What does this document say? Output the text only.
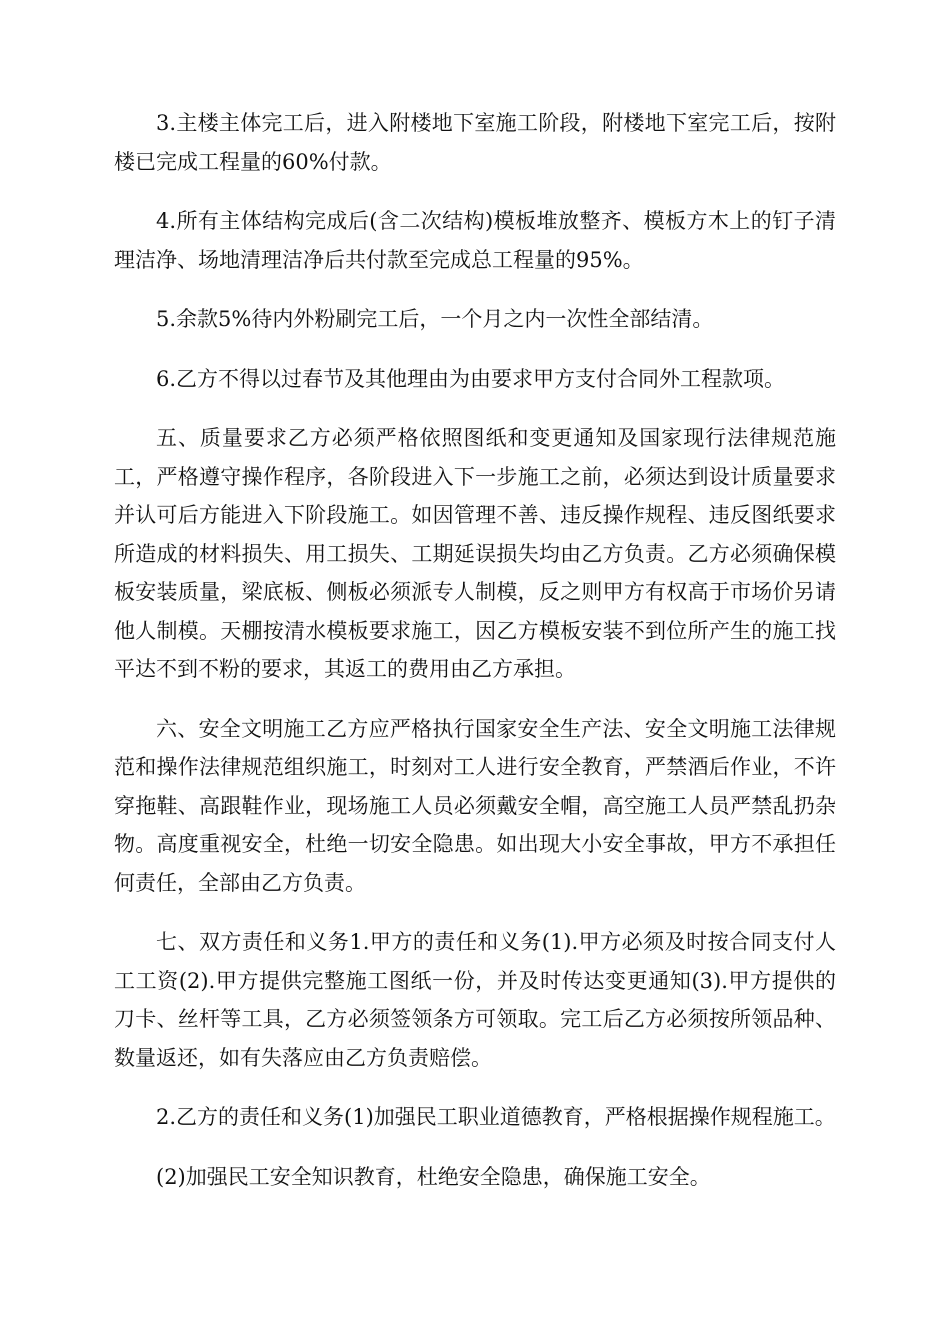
3.主楼主体完工后，进入附楼地下室施工阶段，附楼地下室完工后，按附楼已完成工程量的60%付款。

4.所有主体结构完成后(含二次结构)模板堆放整齐、模板方木上的钉子清理洁净、场地清理洁净后共付款至完成总工程量的95%。

5.余款5%待内外粉刷完工后，一个月之内一次性全部结清。

6.乙方不得以过春节及其他理由为由要求甲方支付合同外工程款项。

五、质量要求乙方必须严格依照图纸和变更通知及国家现行法律规范施工，严格遵守操作程序，各阶段进入下一步施工之前，必须达到设计质量要求并认可后方能进入下阶段施工。如因管理不善、违反操作规程、违反图纸要求所造成的材料损失、用工损失、工期延误损失均由乙方负责。乙方必须确保模板安装质量，梁底板、侧板必须派专人制模，反之则甲方有权高于市场价另请他人制模。天棚按清水模板要求施工，因乙方模板安装不到位所产生的施工找平达不到不粉的要求，其返工的费用由乙方承担。

六、安全文明施工乙方应严格执行国家安全生产法、安全文明施工法律规范和操作法律规范组织施工，时刻对工人进行安全教育，严禁酒后作业，不许穿拖鞋、高跟鞋作业，现场施工人员必须戴安全帽，高空施工人员严禁乱扔杂物。高度重视安全，杜绝一切安全隐患。如出现大小安全事故，甲方不承担任何责任，全部由乙方负责。

七、双方责任和义务1.甲方的责任和义务(1).甲方必须及时按合同支付人工工资(2).甲方提供完整施工图纸一份，并及时传达变更通知(3).甲方提供的刀卡、丝杆等工具，乙方必须签领条方可领取。完工后乙方必须按所领品种、数量返还，如有失落应由乙方负责赔偿。

2.乙方的责任和义务(1)加强民工职业道德教育，严格根据操作规程施工。

(2)加强民工安全知识教育，杜绝安全隐患，确保施工安全。
